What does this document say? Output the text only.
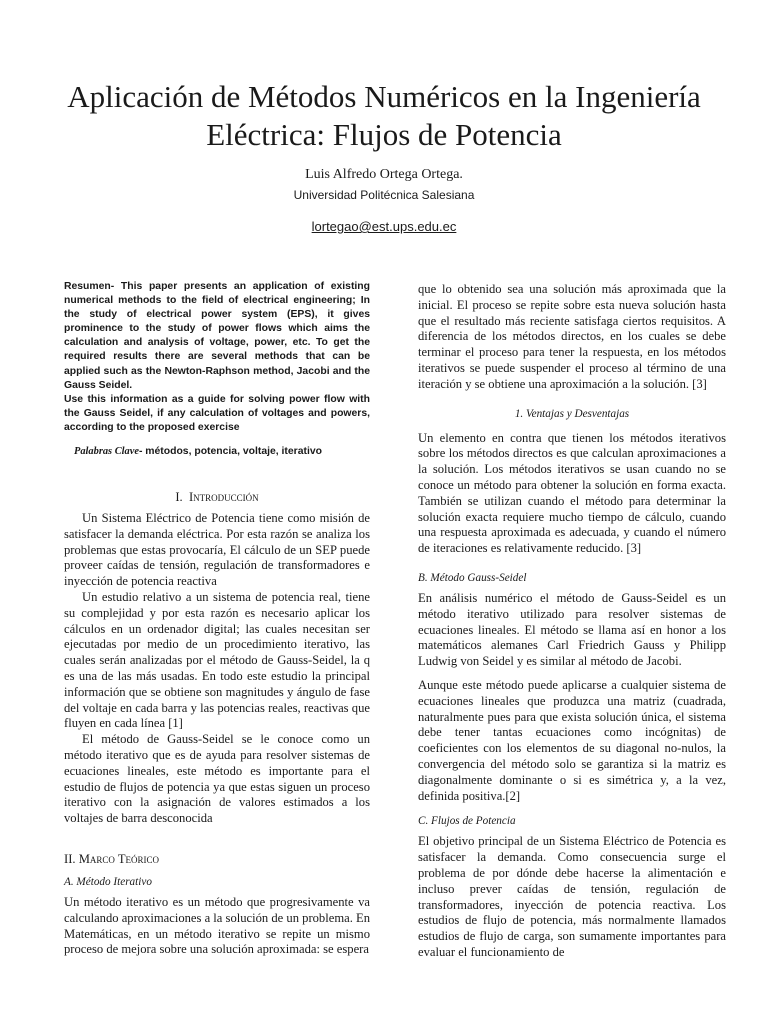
Aplicación de Métodos Numéricos en la Ingeniería
Eléctrica: Flujos de Potencia
Luis Alfredo Ortega Ortega.
Universidad Politécnica Salesiana
lortegao@est.ups.edu.ec
Resumen- This paper presents an application of existing numerical methods to the field of electrical engineering; In the study of electrical power system (EPS), it gives prominence to the study of power flows which aims the calculation and analysis of voltage, power, etc. To get the required results there are several methods that can be applied such as the Newton-Raphson method, Jacobi and the Gauss Seidel.
Use this information as a guide for solving power flow with the Gauss Seidel, if any calculation of voltages and powers, according to the proposed exercise

Palabras Clave- métodos, potencia, voltaje, iterativo

I. Introducción

Un Sistema Eléctrico de Potencia tiene como misión de satisfacer la demanda eléctrica. Por esta razón se analiza los problemas que estas provocaría, El cálculo de un SEP puede proveer caídas de tensión, regulación de transformadores e inyección de potencia reactiva

Un estudio relativo a un sistema de potencia real, tiene su complejidad y por esta razón es necesario aplicar los cálculos en un ordenador digital; las cuales necesitan ser ejecutadas por medio de un procedimiento iterativo, las cuales serán analizadas por el método de Gauss-Seidel, la q es una de las más usadas. En todo este estudio la principal información que se obtiene son magnitudes y ángulo de fase del voltaje en cada barra y las potencias reales, reactivas que fluyen en cada línea [1]

El método de Gauss-Seidel se le conoce como un método iterativo que es de ayuda para resolver sistemas de ecuaciones lineales, este método es importante para el estudio de flujos de potencia ya que estas siguen un proceso iterativo con la asignación de valores estimados a los voltajes de barra desconocida

II. Marco Teórico
A. Método Iterativo

Un método iterativo es un método que progresivamente va calculando aproximaciones a la solución de un problema. En Matemáticas, en un método iterativo se repite un mismo proceso de mejora sobre una solución aproximada: se espera

que lo obtenido sea una solución más aproximada que la inicial. El proceso se repite sobre esta nueva solución hasta que el resultado más reciente satisfaga ciertos requisitos. A diferencia de los métodos directos, en los cuales se debe terminar el proceso para tener la respuesta, en los métodos iterativos se puede suspender el proceso al término de una iteración y se obtiene una aproximación a la solución. [3]

1. Ventajas y Desventajas

Un elemento en contra que tienen los métodos iterativos sobre los métodos directos es que calculan aproximaciones a la solución. Los métodos iterativos se usan cuando no se conoce un método para obtener la solución en forma exacta. También se utilizan cuando el método para determinar la solución exacta requiere mucho tiempo de cálculo, cuando una respuesta aproximada es adecuada, y cuando el número de iteraciones es relativamente reducido. [3]

B. Método Gauss-Seidel

En análisis numérico el método de Gauss-Seidel es un método iterativo utilizado para resolver sistemas de ecuaciones lineales. El método se llama así en honor a los matemáticos alemanes Carl Friedrich Gauss y Philipp Ludwig von Seidel y es similar al método de Jacobi.

Aunque este método puede aplicarse a cualquier sistema de ecuaciones lineales que produzca una matriz (cuadrada, naturalmente pues para que exista solución única, el sistema debe tener tantas ecuaciones como incógnitas) de coeficientes con los elementos de su diagonal no-nulos, la convergencia del método solo se garantiza si la matriz es diagonalmente dominante o si es simétrica y, a la vez, definida positiva.[2]

C. Flujos de Potencia

El objetivo principal de un Sistema Eléctrico de Potencia es satisfacer la demanda. Como consecuencia surge el problema de por dónde debe hacerse la alimentación e incluso prever caídas de tensión, regulación de transformadores, inyección de potencia reactiva. Los estudios de flujo de potencia, más normalmente llamados estudios de flujo de carga, son sumamente importantes para evaluar el funcionamiento de
